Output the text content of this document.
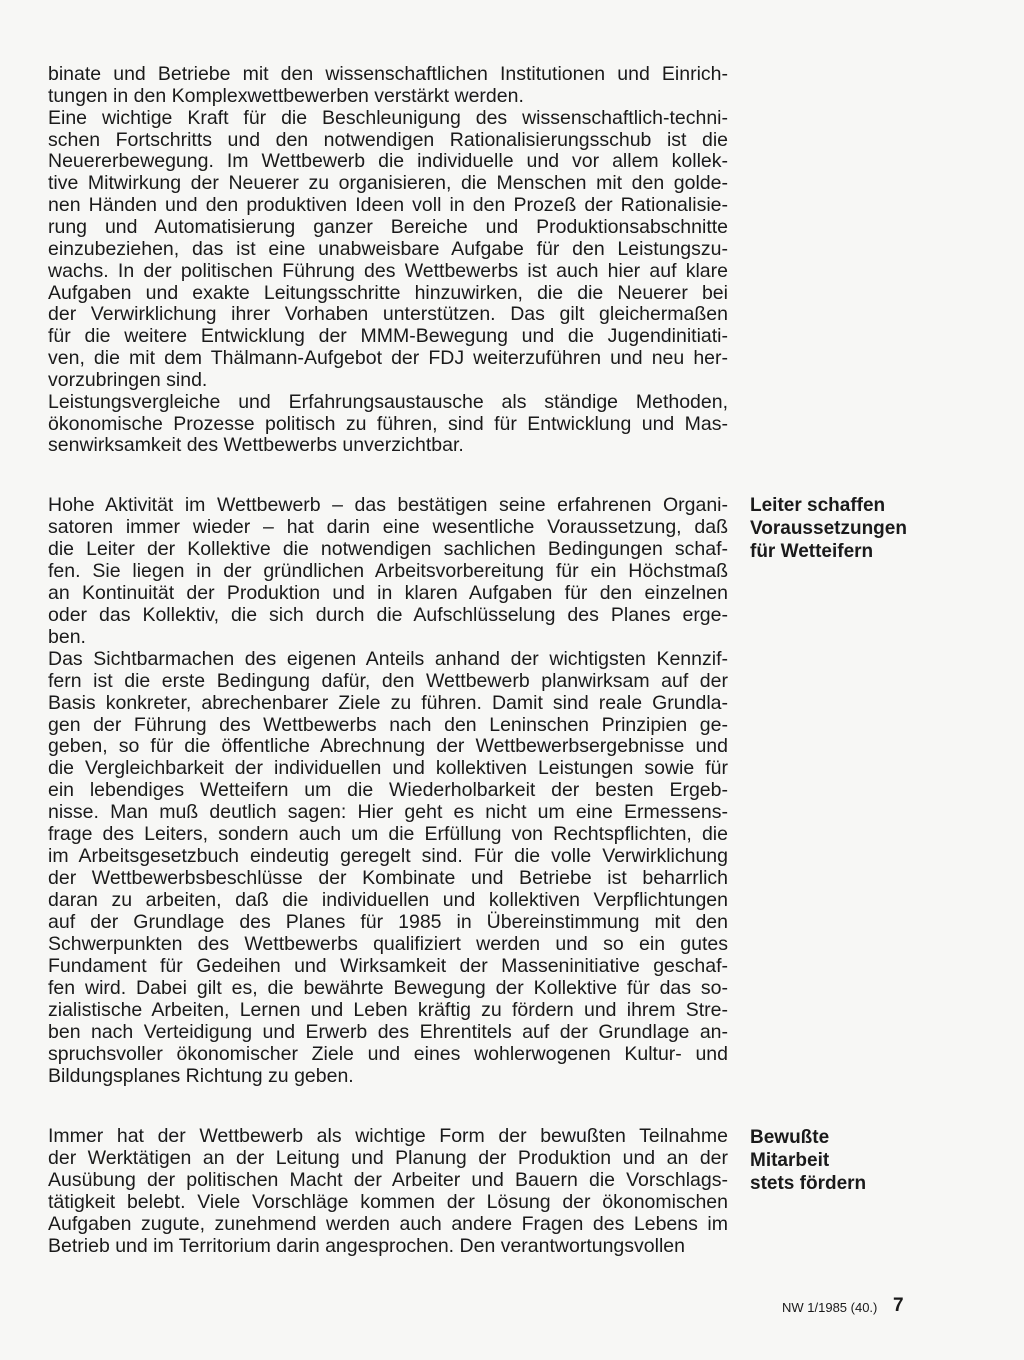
binate und Betriebe mit den wissenschaftlichen Institutionen und Einrich-
tungen in den Komplexwettbewerben verstärkt werden.
Eine wichtige Kraft für die Beschleunigung des wissenschaftlich-techni-
schen Fortschritts und den notwendigen Rationalisierungsschub ist die
Neuererbewegung. Im Wettbewerb die individuelle und vor allem kollek-
tive Mitwirkung der Neuerer zu organisieren, die Menschen mit den golde-
nen Händen und den produktiven Ideen voll in den Prozeß der Rationalisie-
rung und Automatisierung ganzer Bereiche und Produktionsabschnitte
einzubeziehen, das ist eine unabweisbare Aufgabe für den Leistungszu-
wachs. In der politischen Führung des Wettbewerbs ist auch hier auf klare
Aufgaben und exakte Leitungsschritte hinzuwirken, die die Neuerer bei
der Verwirklichung ihrer Vorhaben unterstützen. Das gilt gleichermaßen
für die weitere Entwicklung der MMM-Bewegung und die Jugendinitiati-
ven, die mit dem Thälmann-Aufgebot der FDJ weiterzuführen und neu her-
vorzubringen sind.
Leistungsvergleiche und Erfahrungsaustausche als ständige Methoden,
ökonomische Prozesse politisch zu führen, sind für Entwicklung und Mas-
senwirksamkeit des Wettbewerbs unverzichtbar.
Hohe Aktivität im Wettbewerb – das bestätigen seine erfahrenen Organi-
satoren immer wieder – hat darin eine wesentliche Voraussetzung, daß
die Leiter der Kollektive die notwendigen sachlichen Bedingungen schaf-
fen. Sie liegen in der gründlichen Arbeitsvorbereitung für ein Höchstmaß
an Kontinuität der Produktion und in klaren Aufgaben für den einzelnen
oder das Kollektiv, die sich durch die Aufschlüsselung des Planes erge-
ben.
Das Sichtbarmachen des eigenen Anteils anhand der wichtigsten Kennzif-
fern ist die erste Bedingung dafür, den Wettbewerb planwirksam auf der
Basis konkreter, abrechenbarer Ziele zu führen. Damit sind reale Grundla-
gen der Führung des Wettbewerbs nach den Leninschen Prinzipien ge-
geben, so für die öffentliche Abrechnung der Wettbewerbsergebnisse und
die Vergleichbarkeit der individuellen und kollektiven Leistungen sowie für
ein lebendiges Wetteifern um die Wiederholbarkeit der besten Ergeb-
nisse. Man muß deutlich sagen: Hier geht es nicht um eine Ermessens-
frage des Leiters, sondern auch um die Erfüllung von Rechtspflichten, die
im Arbeitsgesetzbuch eindeutig geregelt sind. Für die volle Verwirklichung
der Wettbewerbsbeschlüsse der Kombinate und Betriebe ist beharrlich
daran zu arbeiten, daß die individuellen und kollektiven Verpflichtungen
auf der Grundlage des Planes für 1985 in Übereinstimmung mit den
Schwerpunkten des Wettbewerbs qualifiziert werden und so ein gutes
Fundament für Gedeihen und Wirksamkeit der Masseninitiative geschaf-
fen wird. Dabei gilt es, die bewährte Bewegung der Kollektive für das so-
zialistische Arbeiten, Lernen und Leben kräftig zu fördern und ihrem Stre-
ben nach Verteidigung und Erwerb des Ehrentitels auf der Grundlage an-
spruchsvoller ökonomischer Ziele und eines wohlerwogenen Kultur- und
Bildungsplanes Richtung zu geben.
Immer hat der Wettbewerb als wichtige Form der bewußten Teilnahme
der Werktätigen an der Leitung und Planung der Produktion und an der
Ausübung der politischen Macht der Arbeiter und Bauern die Vorschlags-
tätigkeit belebt. Viele Vorschläge kommen der Lösung der ökonomischen
Aufgaben zugute, zunehmend werden auch andere Fragen des Lebens im
Betrieb und im Territorium darin angesprochen. Den verantwortungsvollen
Leiter schaffen
Voraussetzungen
für Wetteifern
Bewußte
Mitarbeit
stets fördern
NW 1/1985 (40.) 7
